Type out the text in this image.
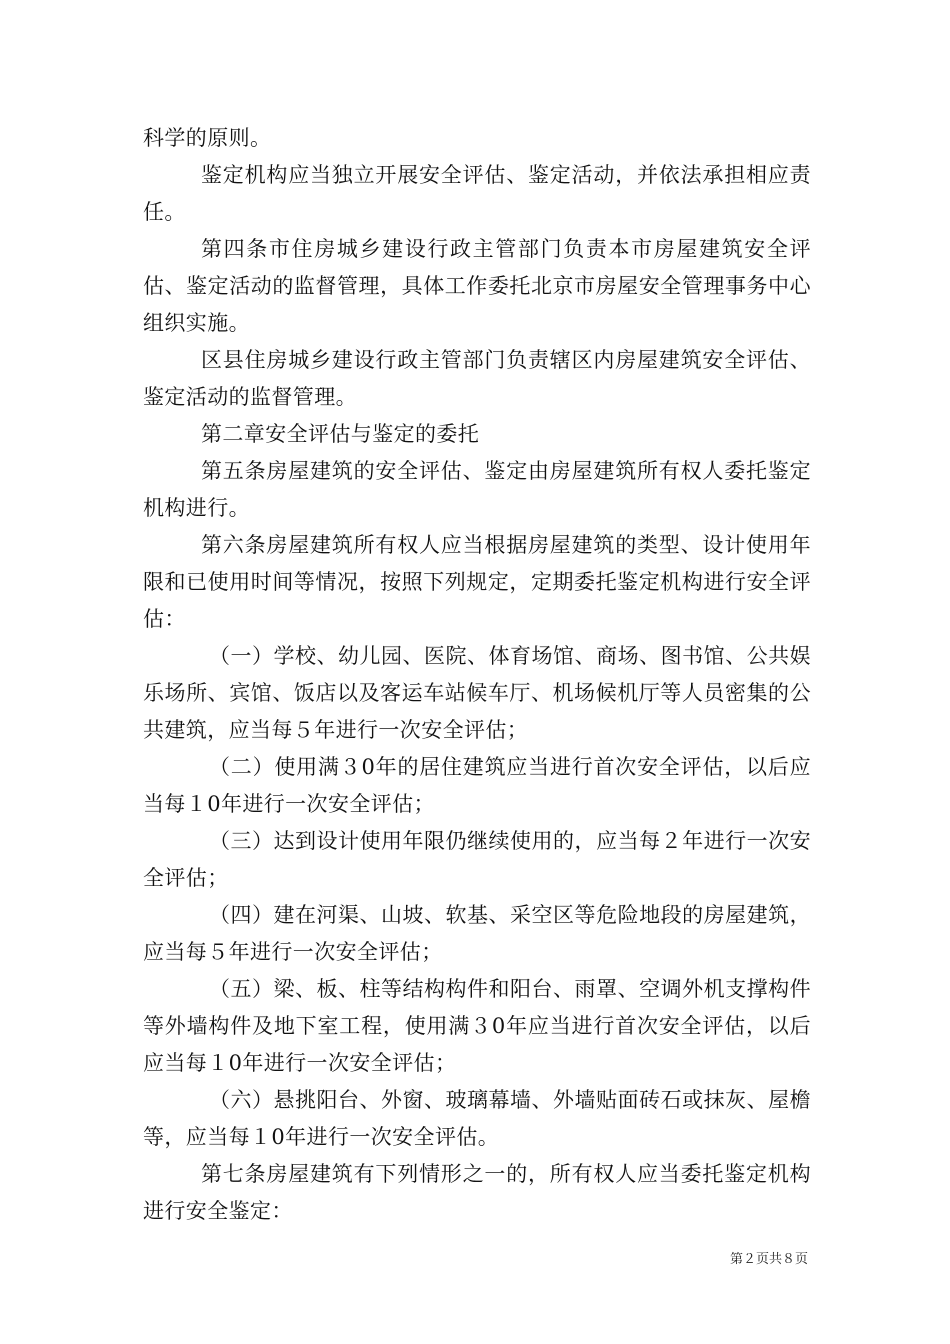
科学的原则。

鉴定机构应当独立开展安全评估、鉴定活动，并依法承担相应责任。

第四条市住房城乡建设行政主管部门负责本市房屋建筑安全评估、鉴定活动的监督管理，具体工作委托北京市房屋安全管理事务中心组织实施。

区县住房城乡建设行政主管部门负责辖区内房屋建筑安全评估、鉴定活动的监督管理。

第二章安全评估与鉴定的委托

第五条房屋建筑的安全评估、鉴定由房屋建筑所有权人委托鉴定机构进行。

第六条房屋建筑所有权人应当根据房屋建筑的类型、设计使用年限和已使用时间等情况，按照下列规定，定期委托鉴定机构进行安全评估：

（一）学校、幼儿园、医院、体育场馆、商场、图书馆、公共娱乐场所、宾馆、饭店以及客运车站候车厅、机场候机厅等人员密集的公共建筑，应当每５年进行一次安全评估；

（二）使用满３0年的居住建筑应当进行首次安全评估，以后应当每１0年进行一次安全评估；

（三）达到设计使用年限仍继续使用的，应当每２年进行一次安全评估；

（四）建在河渠、山坡、软基、采空区等危险地段的房屋建筑，应当每５年进行一次安全评估；

（五）梁、板、柱等结构构件和阳台、雨罩、空调外机支撑构件等外墙构件及地下室工程，使用满３0年应当进行首次安全评估，以后应当每１0年进行一次安全评估；

（六）悬挑阳台、外窗、玻璃幕墙、外墙贴面砖石或抹灰、屋檐等，应当每１0年进行一次安全评估。

第七条房屋建筑有下列情形之一的，所有权人应当委托鉴定机构进行安全鉴定：

第２页共８页
